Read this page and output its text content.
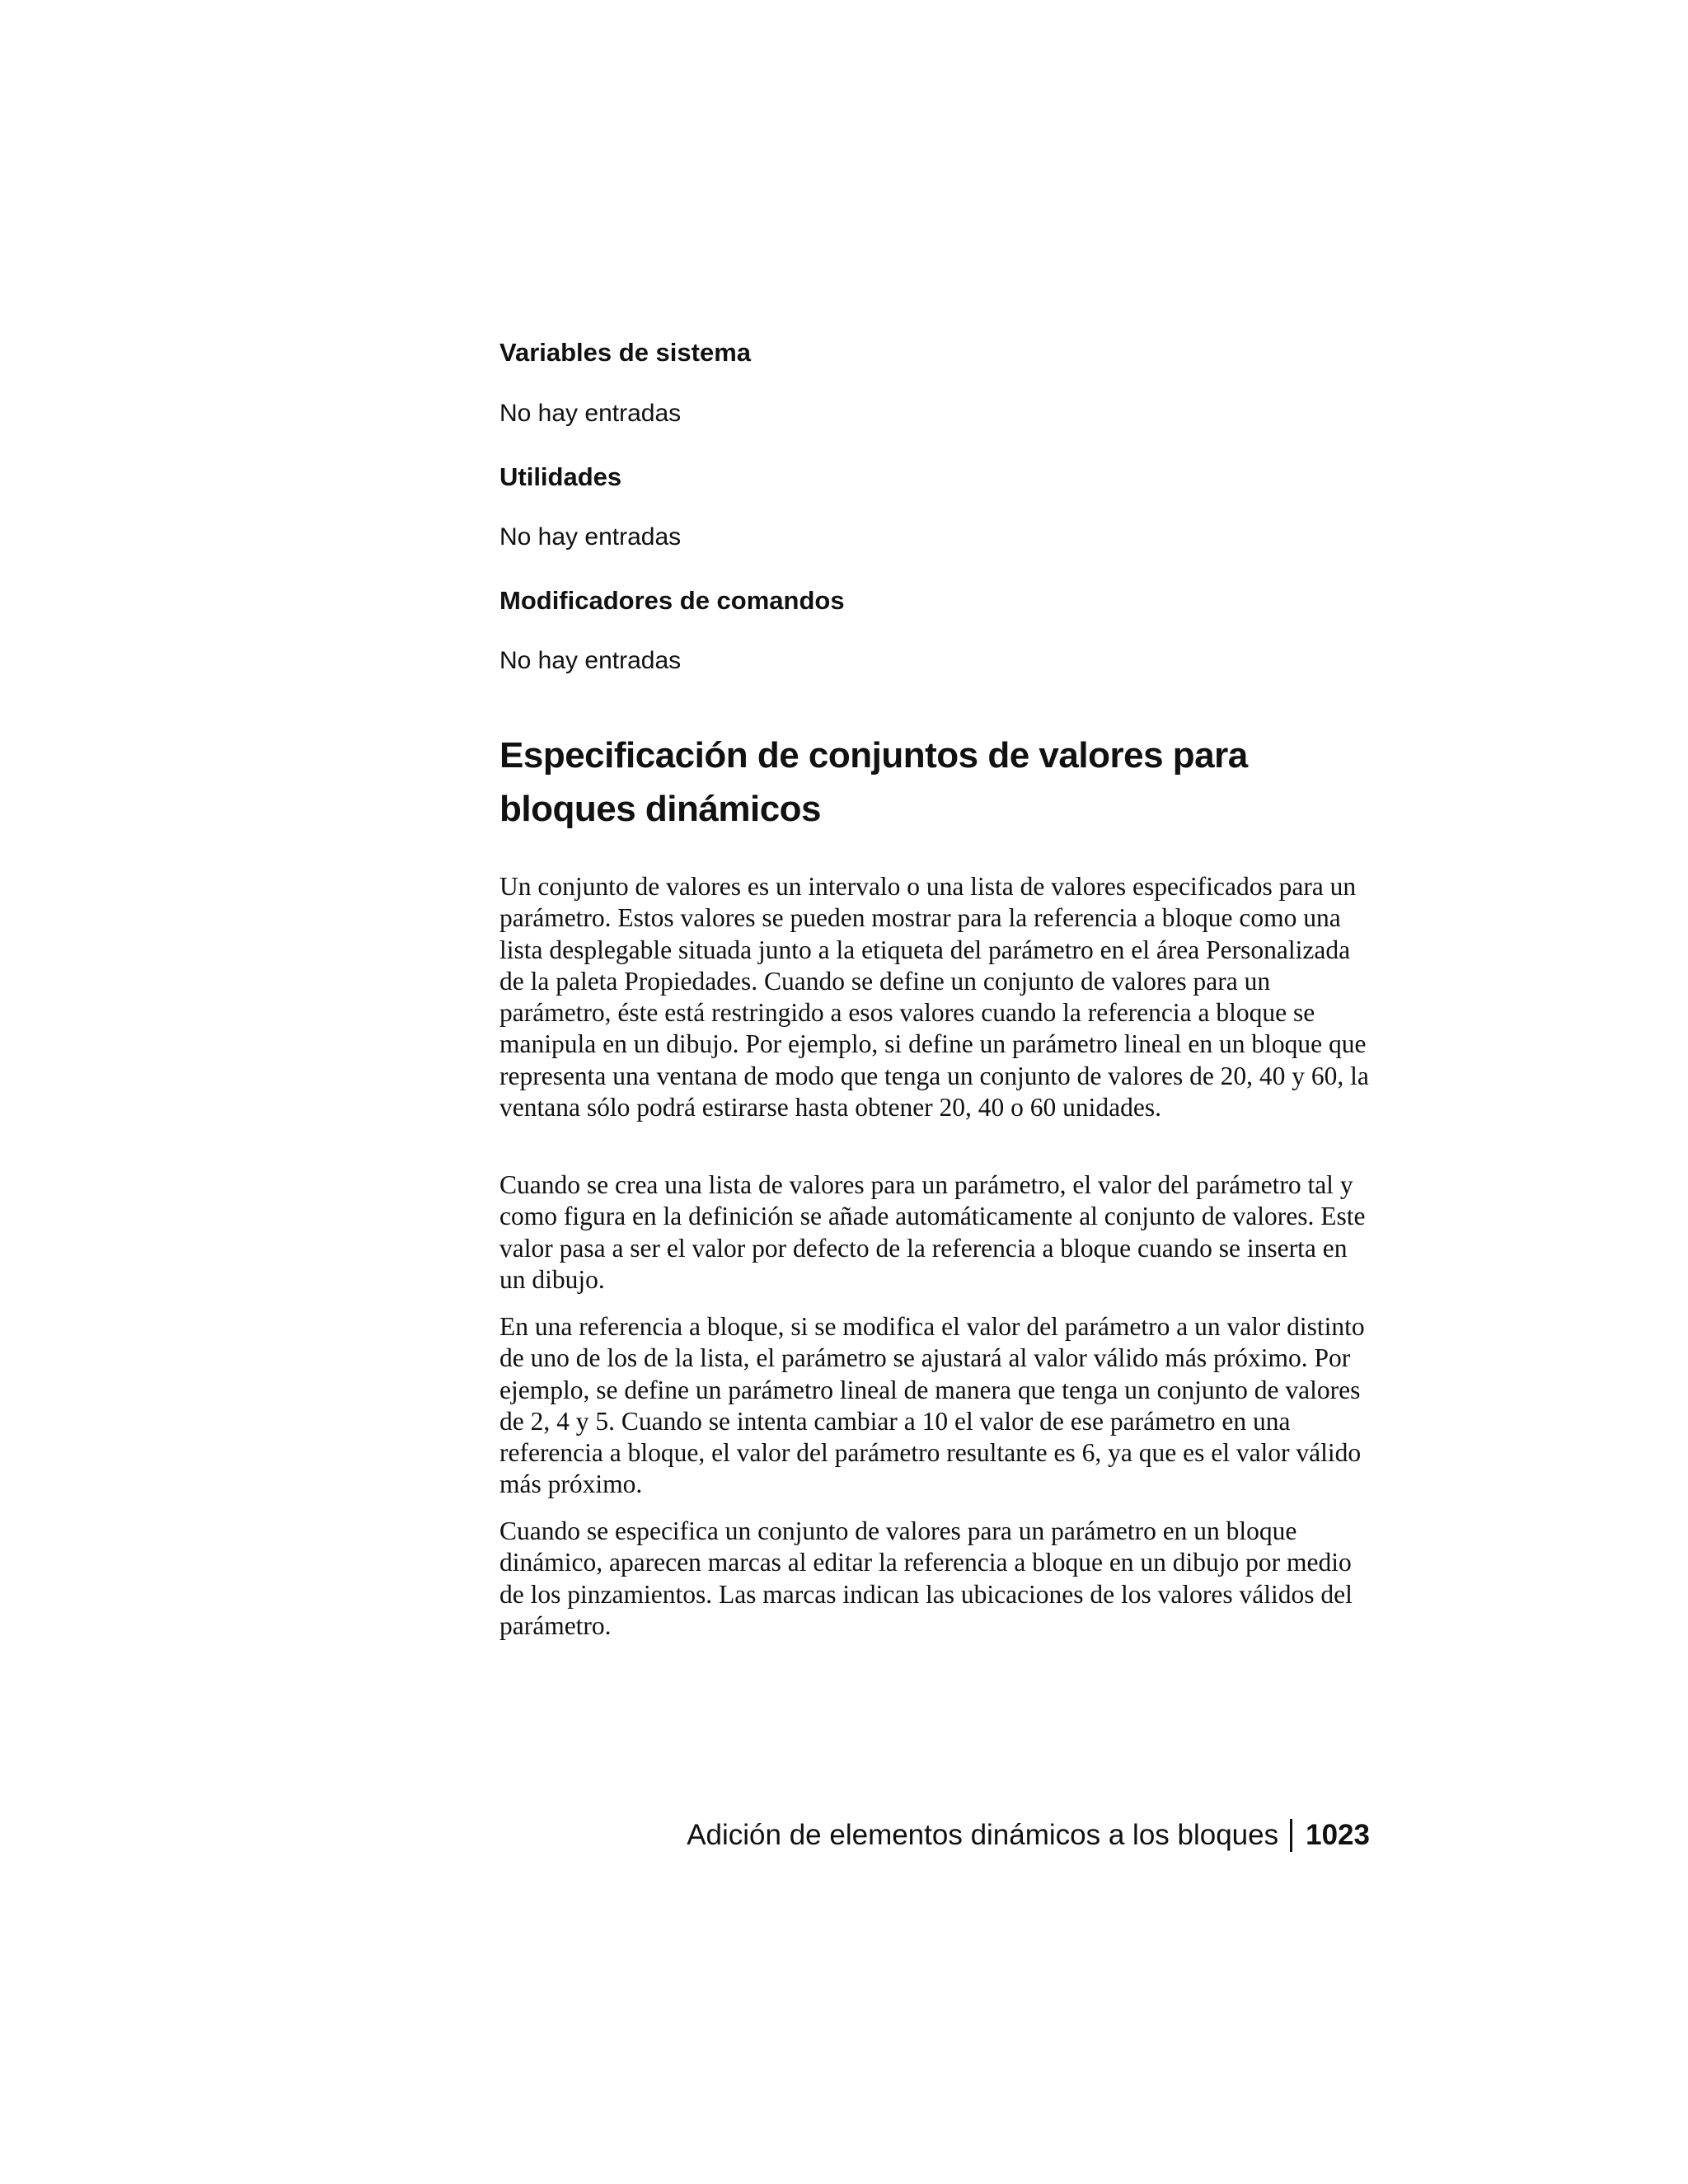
Variables de sistema

No hay entradas

Utilidades

No hay entradas

Modificadores de comandos

No hay entradas

Especificación de conjuntos de valores para bloques dinámicos

Un conjunto de valores es un intervalo o una lista de valores especificados para un parámetro. Estos valores se pueden mostrar para la referencia a bloque como una lista desplegable situada junto a la etiqueta del parámetro en el área Personalizada de la paleta Propiedades. Cuando se define un conjunto de valores para un parámetro, éste está restringido a esos valores cuando la referencia a bloque se manipula en un dibujo. Por ejemplo, si define un parámetro lineal en un bloque que representa una ventana de modo que tenga un conjunto de valores de 20, 40 y 60, la ventana sólo podrá estirarse hasta obtener 20, 40 o 60 unidades.

Cuando se crea una lista de valores para un parámetro, el valor del parámetro tal y como figura en la definición se añade automáticamente al conjunto de valores. Este valor pasa a ser el valor por defecto de la referencia a bloque cuando se inserta en un dibujo.

En una referencia a bloque, si se modifica el valor del parámetro a un valor distinto de uno de los de la lista, el parámetro se ajustará al valor válido más próximo. Por ejemplo, se define un parámetro lineal de manera que tenga un conjunto de valores de 2, 4 y 5. Cuando se intenta cambiar a 10 el valor de ese parámetro en una referencia a bloque, el valor del parámetro resultante es 6, ya que es el valor válido más próximo.

Cuando se especifica un conjunto de valores para un parámetro en un bloque dinámico, aparecen marcas al editar la referencia a bloque en un dibujo por medio de los pinzamientos. Las marcas indican las ubicaciones de los valores válidos del parámetro.

Adición de elementos dinámicos a los bloques 1023
